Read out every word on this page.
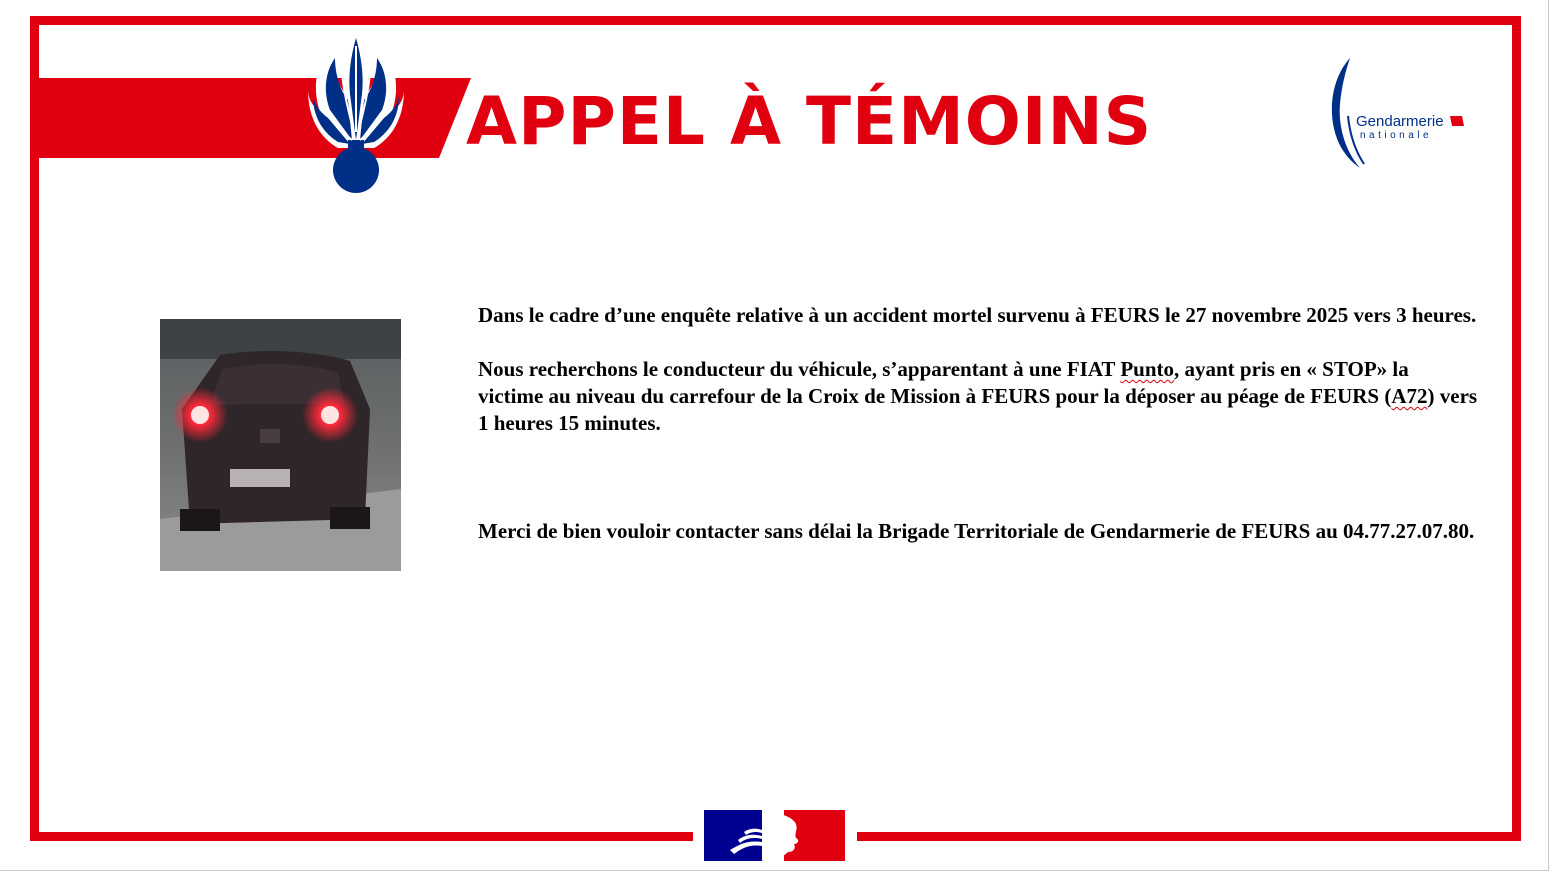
APPEL À TÉMOINS	Gendarmerie
nationale

Dans le cadre d’une enquête relative à un accident mortel survenu à FEURS le 27 novembre 2025 vers 3 heures.

Nous recherchons le conducteur du véhicule, s’apparentant à une FIAT Punto, ayant pris en « STOP» la victime au niveau du carrefour de la Croix de Mission à FEURS pour la déposer au péage de FEURS (A72) vers 1 heures 15 minutes.

Merci de bien vouloir contacter sans délai la Brigade Territoriale de Gendarmerie de FEURS au 04.77.27.07.80.
